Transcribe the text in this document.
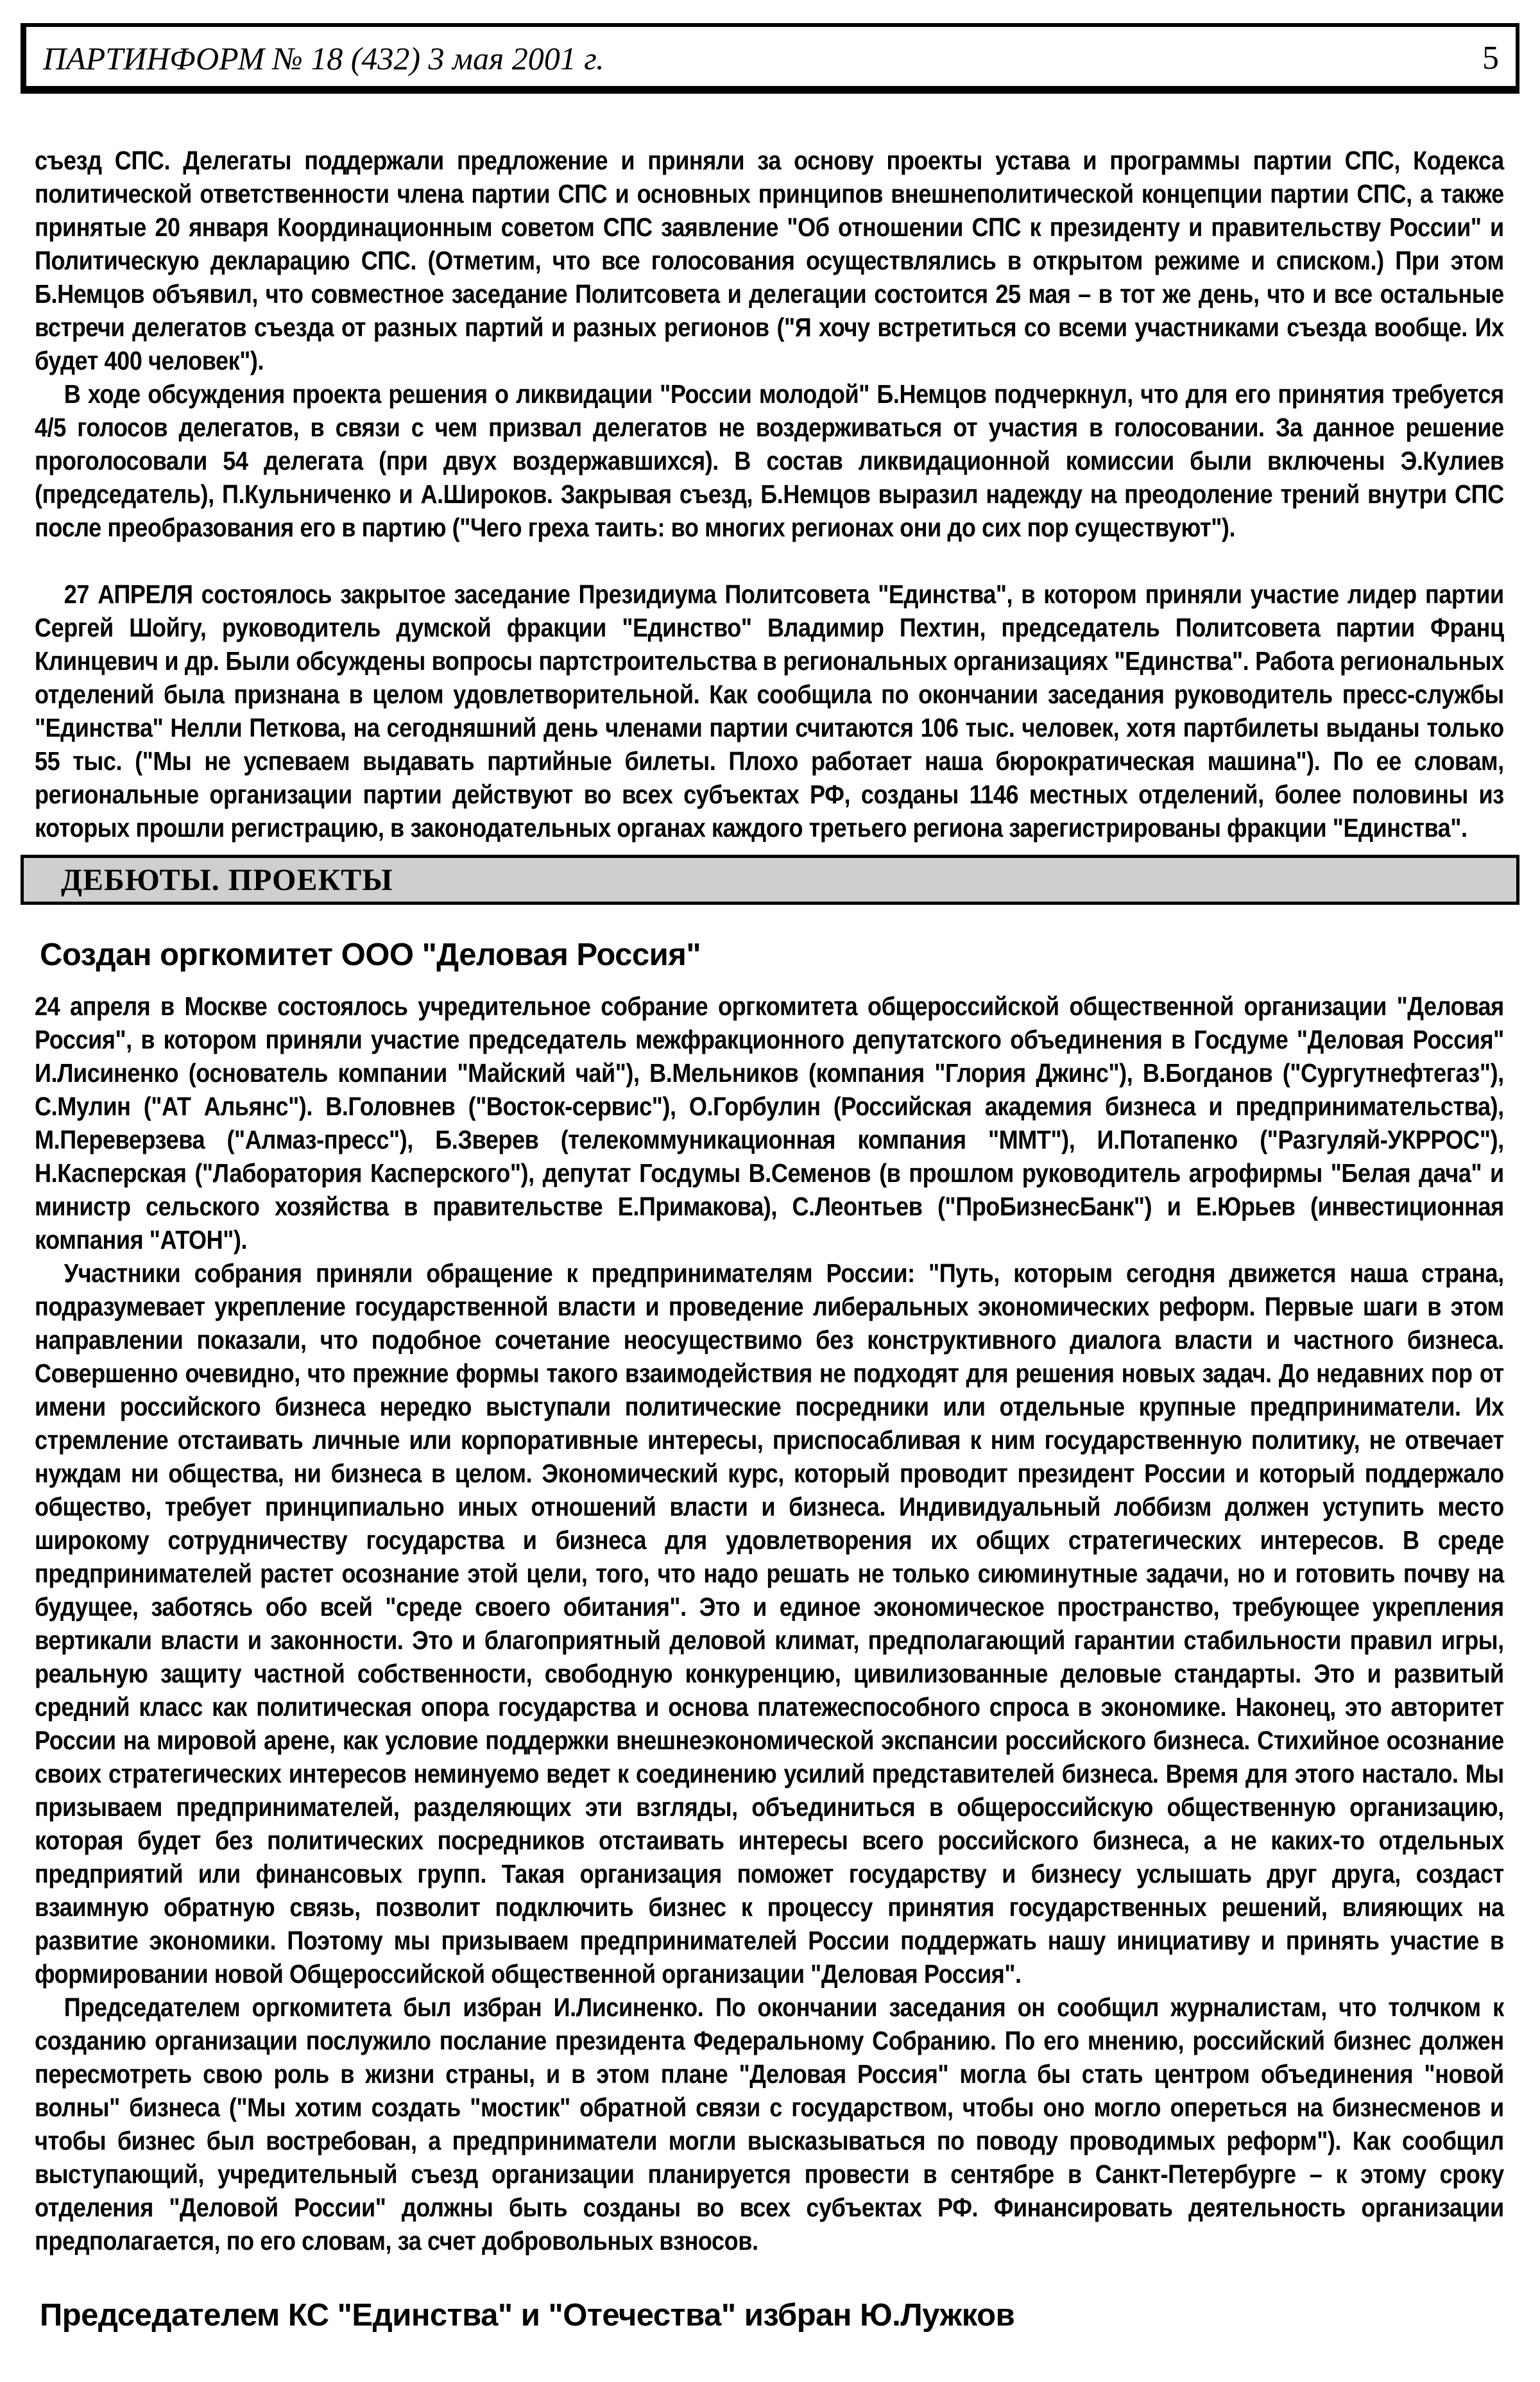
ПАРТИНФОРМ № 18 (432) 3 мая 2001 г.	5

съезд СПС. Делегаты поддержали предложение и приняли за основу проекты устава и программы партии СПС, Кодекса политической ответственности члена партии СПС и основных принципов внешнеполитической концепции партии СПС, а также принятые 20 января Координационным советом СПС заявление "Об отношении СПС к президенту и правительству России" и Политическую декларацию СПС. (Отметим, что все голосования осуществлялись в открытом режиме и списком.) При этом Б.Немцов объявил, что совместное заседание Политсовета и делегации состоится 25 мая – в тот же день, что и все остальные встречи делегатов съезда от разных партий и разных регионов ("Я хочу встретиться со всеми участниками съезда вообще. Их будет 400 человек").

В ходе обсуждения проекта решения о ликвидации "России молодой" Б.Немцов подчеркнул, что для его принятия требуется 4/5 голосов делегатов, в связи с чем призвал делегатов не воздерживаться от участия в голосовании. За данное решение проголосовали 54 делегата (при двух воздержавшихся). В состав ликвидационной комиссии были включены Э.Кулиев (председатель), П.Кульниченко и А.Широков. Закрывая съезд, Б.Немцов выразил надежду на преодоление трений внутри СПС после преобразования его в партию ("Чего греха таить: во многих регионах они до сих пор существуют").

27 АПРЕЛЯ состоялось закрытое заседание Президиума Политсовета "Единства", в котором приняли участие лидер партии Сергей Шойгу, руководитель думской фракции "Единство" Владимир Пехтин, председатель Политсовета партии Франц Клинцевич и др. Были обсуждены вопросы партстроительства в региональных организациях "Единства". Работа региональных отделений была признана в целом удовлетворительной. Как сообщила по окончании заседания руководитель пресс-службы "Единства" Нелли Петкова, на сегодняшний день членами партии считаются 106 тыс. человек, хотя партбилеты выданы только 55 тыс. ("Мы не успеваем выдавать партийные билеты. Плохо работает наша бюрократическая машина"). По ее словам, региональные организации партии действуют во всех субъектах РФ, созданы 1146 местных отделений, более половины из которых прошли регистрацию, в законодательных органах каждого третьего региона зарегистрированы фракции "Единства".

ДЕБЮТЫ. ПРОЕКТЫ
Создан оргкомитет ООО "Деловая Россия"

24 апреля в Москве состоялось учредительное собрание оргкомитета общероссийской общественной организации "Деловая Россия", в котором приняли участие председатель межфракционного депутатского объединения в Госдуме "Деловая Россия" И.Лисиненко (основатель компании "Майский чай"), В.Мельников (компания "Глория Джинс"), В.Богданов ("Сургутнефтегаз"), С.Мулин ("АТ Альянс"). В.Головнев ("Восток-сервис"), О.Горбулин (Российская академия бизнеса и предпринимательства), М.Переверзева ("Алмаз-пресс"), Б.Зверев (телекоммуникационная компания "ММТ"), И.Потапенко ("Разгуляй-УКРРОС"), Н.Касперская ("Лаборатория Касперского"), депутат Госдумы В.Семенов (в прошлом руководитель агрофирмы "Белая дача" и министр сельского хозяйства в правительстве Е.Примакова), С.Леонтьев ("ПроБизнесБанк") и Е.Юрьев (инвестиционная компания "АТОН").

Участники собрания приняли обращение к предпринимателям России: "Путь, которым сегодня движется наша страна, подразумевает укрепление государственной власти и проведение либеральных экономических реформ. Первые шаги в этом направлении показали, что подобное сочетание неосуществимо без конструктивного диалога власти и частного бизнеса. Совершенно очевидно, что прежние формы такого взаимодействия не подходят для решения новых задач. До недавних пор от имени российского бизнеса нередко выступали политические посредники или отдельные крупные предприниматели. Их стремление отстаивать личные или корпоративные интересы, приспосабливая к ним государственную политику, не отвечает нуждам ни общества, ни бизнеса в целом. Экономический курс, который проводит президент России и который поддержало общество, требует принципиально иных отношений власти и бизнеса. Индивидуальный лоббизм должен уступить место широкому сотрудничеству государства и бизнеса для удовлетворения их общих стратегических интересов. В среде предпринимателей растет осознание этой цели, того, что надо решать не только сиюминутные задачи, но и готовить почву на будущее, заботясь обо всей "среде своего обитания". Это и единое экономическое пространство, требующее укрепления вертикали власти и законности. Это и благоприятный деловой климат, предполагающий гарантии стабильности правил игры, реальную защиту частной собственности, свободную конкуренцию, цивилизованные деловые стандарты. Это и развитый средний класс как политическая опора государства и основа платежеспособного спроса в экономике. Наконец, это авторитет России на мировой арене, как условие поддержки внешнеэкономической экспансии российского бизнеса. Стихийное осознание своих стратегических интересов неминуемо ведет к соединению усилий представителей бизнеса. Время для этого настало. Мы призываем предпринимателей, разделяющих эти взгляды, объединиться в общероссийскую общественную организацию, которая будет без политических посредников отстаивать интересы всего российского бизнеса, а не каких-то отдельных предприятий или финансовых групп. Такая организация поможет государству и бизнесу услышать друг друга, создаст взаимную обратную связь, позволит подключить бизнес к процессу принятия государственных решений, влияющих на развитие экономики. Поэтому мы призываем предпринимателей России поддержать нашу инициативу и принять участие в формировании новой Общероссийской общественной организации "Деловая Россия".

Председателем оргкомитета был избран И.Лисиненко. По окончании заседания он сообщил журналистам, что толчком к созданию организации послужило послание президента Федеральному Собранию. По его мнению, российский бизнес должен пересмотреть свою роль в жизни страны, и в этом плане "Деловая Россия" могла бы стать центром объединения "новой волны" бизнеса ("Мы хотим создать "мостик" обратной связи с государством, чтобы оно могло опереться на бизнесменов и чтобы бизнес был востребован, а предприниматели могли высказываться по поводу проводимых реформ"). Как сообщил выступающий, учредительный съезд организации планируется провести в сентябре в Санкт-Петербурге – к этому сроку отделения "Деловой России" должны быть созданы во всех субъектах РФ. Финансировать деятельность организации предполагается, по его словам, за счет добровольных взносов.

Председателем КС "Единства" и "Отечества" избран Ю.Лужков
